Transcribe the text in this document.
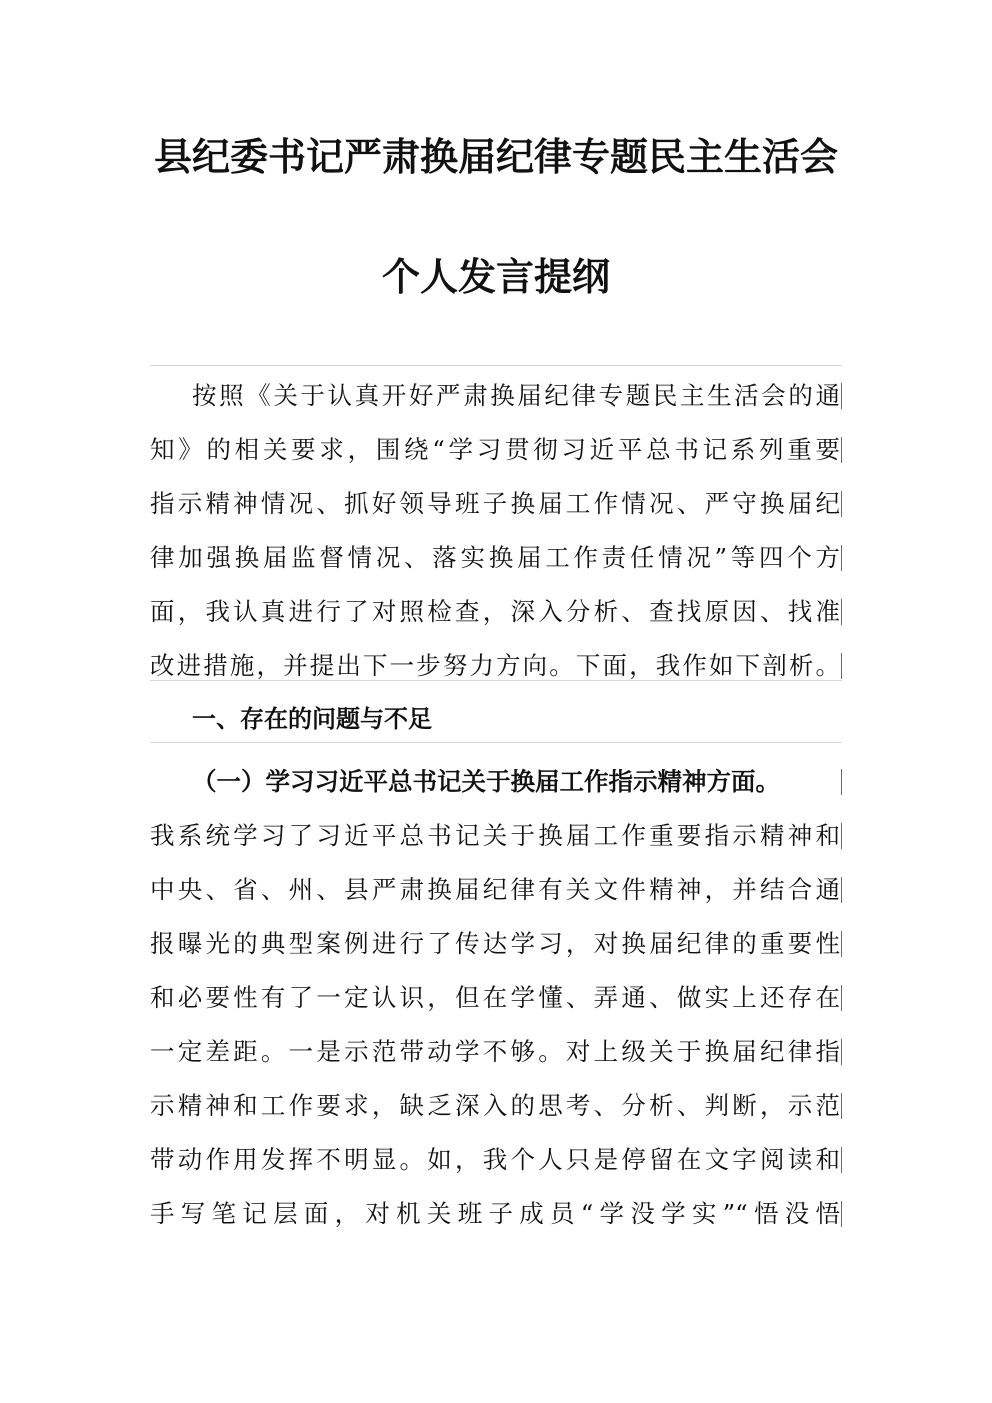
县纪委书记严肃换届纪律专题民主生活会
个人发言提纲
按照《关于认真开好严肃换届纪律专题民主生活会的通
知》的相关要求，围绕“学习贯彻习近平总书记系列重要
指示精神情况、抓好领导班子换届工作情况、严守换届纪
律加强换届监督情况、落实换届工作责任情况”等四个方
面，我认真进行了对照检查，深入分析、查找原因、找准
改进措施，并提出下一步努力方向。下面，我作如下剖析。
一、存在的问题与不足
（一）学习习近平总书记关于换届工作指示精神方面。
我系统学习了习近平总书记关于换届工作重要指示精神和
中央、省、州、县严肃换届纪律有关文件精神，并结合通
报曝光的典型案例进行了传达学习，对换届纪律的重要性
和必要性有了一定认识，但在学懂、弄通、做实上还存在
一定差距。一是示范带动学不够。对上级关于换届纪律指
示精神和工作要求，缺乏深入的思考、分析、判断，示范
带动作用发挥不明显。如，我个人只是停留在文字阅读和
手写笔记层面，对机关班子成员“学没学实”“悟没悟
